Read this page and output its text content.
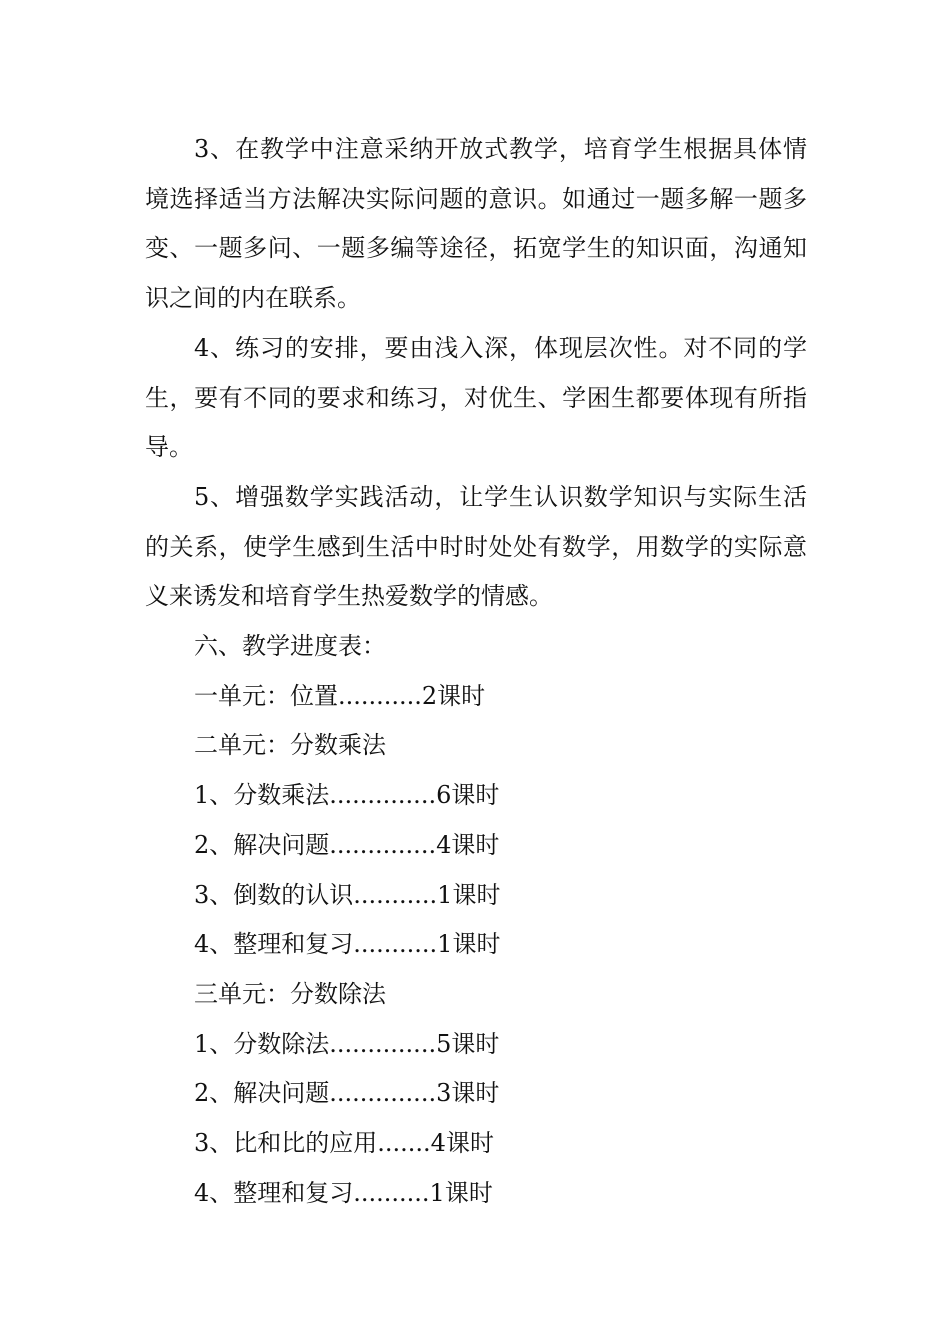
3、在教学中注意采纳开放式教学，培育学生根据具体情境选择适当方法解决实际问题的意识。如通过一题多解一题多变、一题多问、一题多编等途径，拓宽学生的知识面，沟通知识之间的内在联系。

4、练习的安排，要由浅入深，体现层次性。对不同的学生，要有不同的要求和练习，对优生、学困生都要体现有所指导。

5、增强数学实践活动，让学生认识数学知识与实际生活的关系，使学生感到生活中时时处处有数学，用数学的实际意义来诱发和培育学生热爱数学的情感。

六、教学进度表：

一单元：位置...........2课时

二单元：分数乘法

1、分数乘法..............6课时

2、解决问题..............4课时

3、倒数的认识...........1课时

4、整理和复习...........1课时

三单元：分数除法

1、分数除法..............5课时

2、解决问题..............3课时

3、比和比的应用.......4课时

4、整理和复习..........1课时
